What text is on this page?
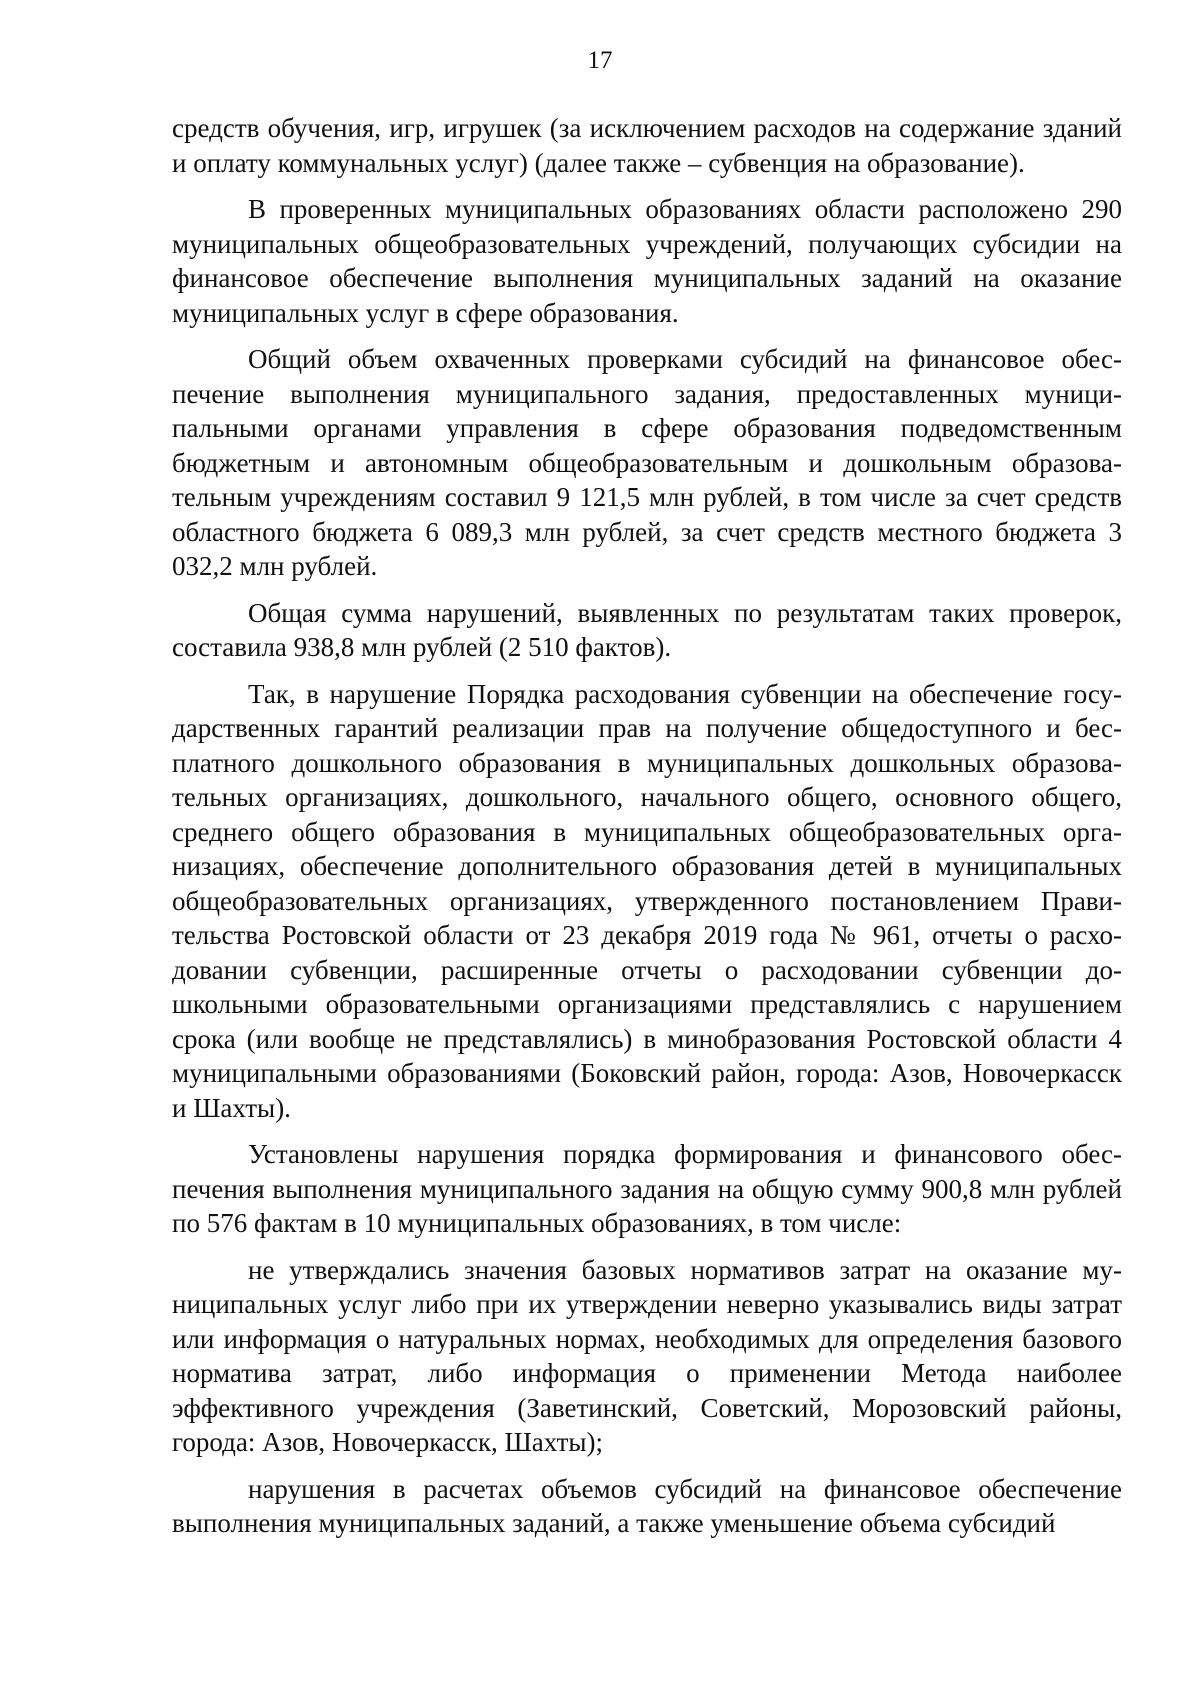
17

средств обучения, игр, игрушек (за исключением расходов на содержание зданий и оплату коммунальных услуг) (далее также – субвенция на образование).

В проверенных муниципальных образованиях области расположено 290 муниципальных общеобразовательных учреждений, получающих субсидии на финансовое обеспечение выполнения муниципальных заданий на оказание муниципальных услуг в сфере образования.

Общий объем охваченных проверками субсидий на финансовое обеспечение выполнения муниципального задания, предоставленных муниципальными органами управления в сфере образования подведомственным бюджетным и автономным общеобразовательным и дошкольным образовательным учреждениям составил 9 121,5 млн рублей, в том числе за счет средств областного бюджета 6 089,3 млн рублей, за счет средств местного бюджета 3 032,2 млн рублей.

Общая сумма нарушений, выявленных по результатам таких проверок, составила 938,8 млн рублей (2 510 фактов).

Так, в нарушение Порядка расходования субвенции на обеспечение государственных гарантий реализации прав на получение общедоступного и бесплатного дошкольного образования в муниципальных дошкольных образовательных организациях, дошкольного, начального общего, основного общего, среднего общего образования в муниципальных общеобразовательных организациях, обеспечение дополнительного образования детей в муниципальных общеобразовательных организациях, утвержденного постановлением Правительства Ростовской области от 23 декабря 2019 года № 961, отчеты о расходовании субвенции, расширенные отчеты о расходовании субвенции дошкольными образовательными организациями представлялись с нарушением срока (или вообще не представлялись) в минобразования Ростовской области 4 муниципальными образованиями (Боковский район, города: Азов, Новочеркасск и Шахты).

Установлены нарушения порядка формирования и финансового обеспечения выполнения муниципального задания на общую сумму 900,8 млн рублей по 576 фактам в 10 муниципальных образованиях, в том числе:

не утверждались значения базовых нормативов затрат на оказание муниципальных услуг либо при их утверждении неверно указывались виды затрат или информация о натуральных нормах, необходимых для определения базового норматива затрат, либо информация о применении Метода наиболее эффективного учреждения (Заветинский, Советский, Морозовский районы, города: Азов, Новочеркасск, Шахты);

нарушения в расчетах объемов субсидий на финансовое обеспечение выполнения муниципальных заданий, а также уменьшение объема субсидий
